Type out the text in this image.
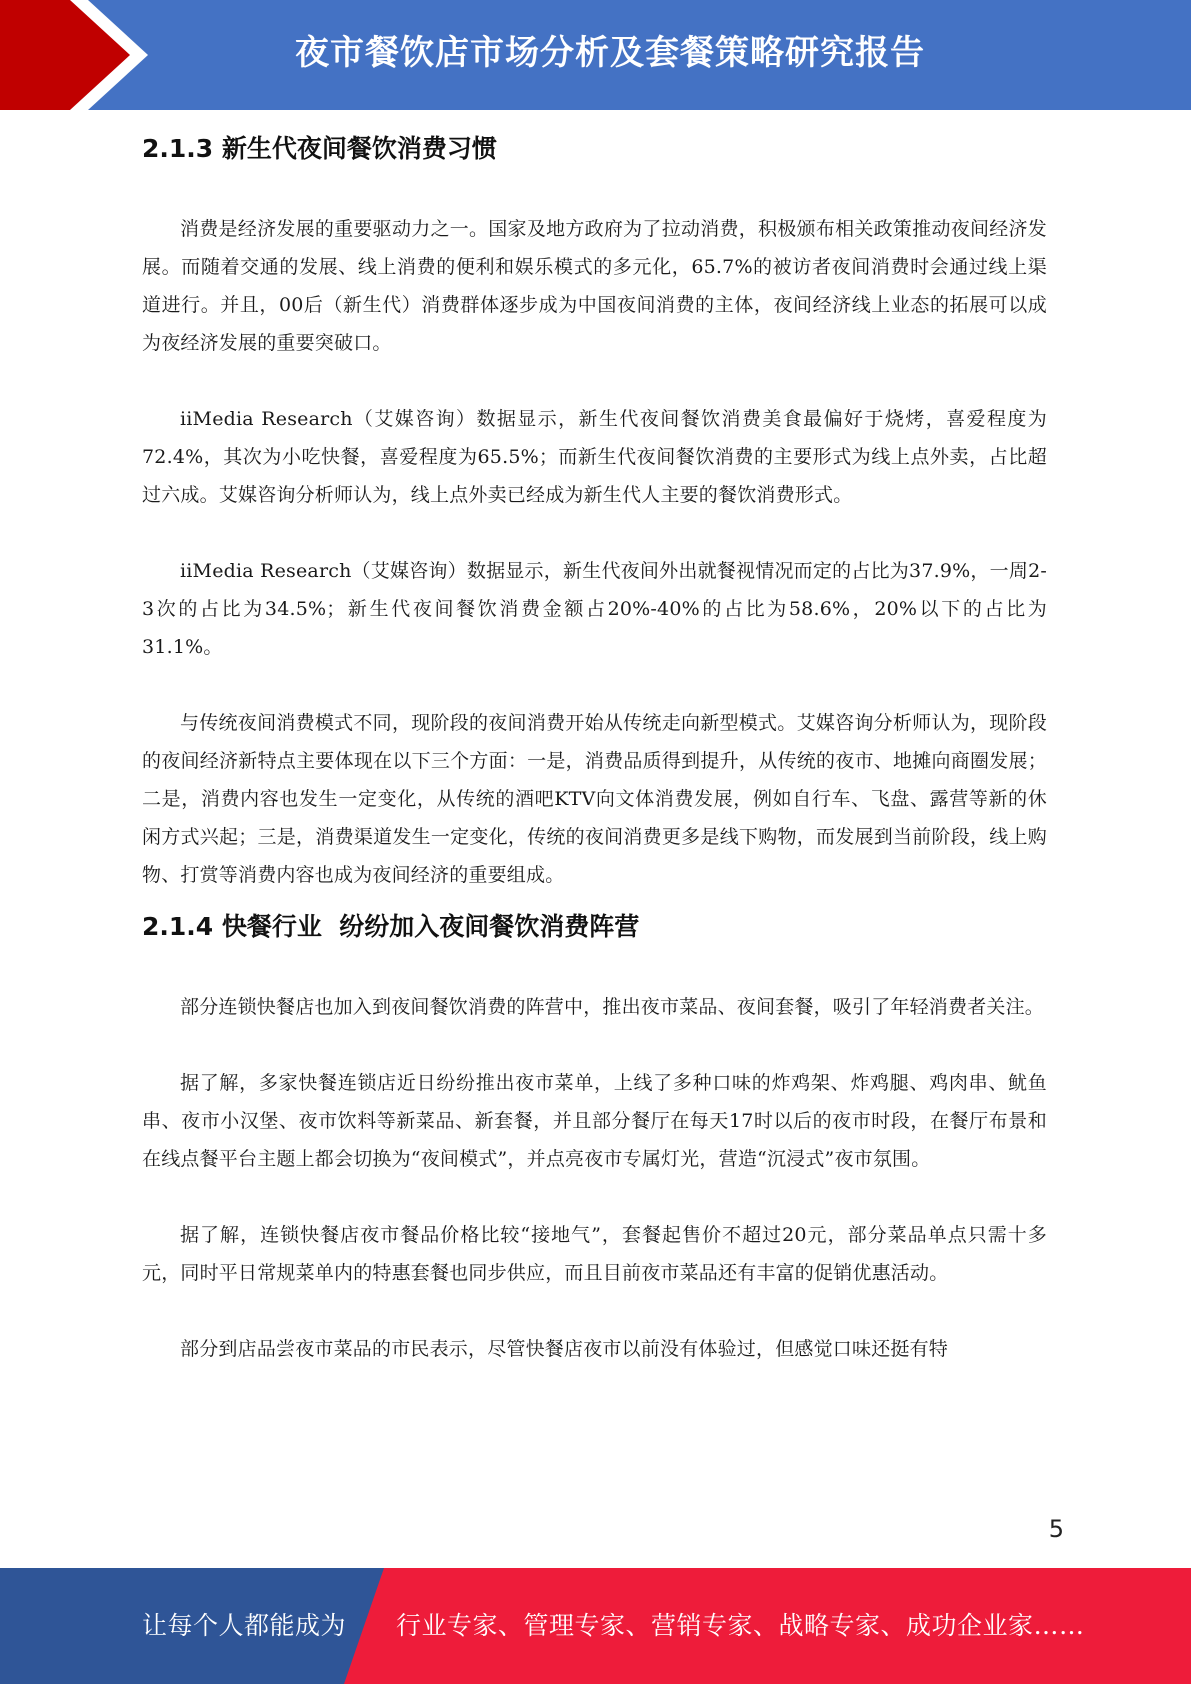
夜市餐饮店市场分析及套餐策略研究报告
2.1.3 新生代夜间餐饮消费习惯

消费是经济发展的重要驱动力之一。国家及地方政府为了拉动消费，积极颁布相关政策推动夜间经济发展。而随着交通的发展、线上消费的便利和娱乐模式的多元化，65.7%的被访者夜间消费时会通过线上渠道进行。并且，00后（新生代）消费群体逐步成为中国夜间消费的主体，夜间经济线上业态的拓展可以成为夜经济发展的重要突破口。

iiMedia Research（艾媒咨询）数据显示，新生代夜间餐饮消费美食最偏好于烧烤，喜爱程度为72.4%，其次为小吃快餐，喜爱程度为65.5%；而新生代夜间餐饮消费的主要形式为线上点外卖，占比超过六成。艾媒咨询分析师认为，线上点外卖已经成为新生代人主要的餐饮消费形式。

iiMedia Research（艾媒咨询）数据显示，新生代夜间外出就餐视情况而定的占比为37.9%，一周2-3次的占比为34.5%；新生代夜间餐饮消费金额占20%-40%的占比为58.6%，20%以下的占比为31.1%。

与传统夜间消费模式不同，现阶段的夜间消费开始从传统走向新型模式。艾媒咨询分析师认为，现阶段的夜间经济新特点主要体现在以下三个方面：一是，消费品质得到提升，从传统的夜市、地摊向商圈发展；二是，消费内容也发生一定变化，从传统的酒吧KTV向文体消费发展，例如自行车、飞盘、露营等新的休闲方式兴起；三是，消费渠道发生一定变化，传统的夜间消费更多是线下购物，而发展到当前阶段，线上购物、打赏等消费内容也成为夜间经济的重要组成。

2.1.4 快餐行业  纷纷加入夜间餐饮消费阵营

部分连锁快餐店也加入到夜间餐饮消费的阵营中，推出夜市菜品、夜间套餐，吸引了年轻消费者关注。

据了解，多家快餐连锁店近日纷纷推出夜市菜单，上线了多种口味的炸鸡架、炸鸡腿、鸡肉串、鱿鱼串、夜市小汉堡、夜市饮料等新菜品、新套餐，并且部分餐厅在每天17时以后的夜市时段，在餐厅布景和在线点餐平台主题上都会切换为“夜间模式”，并点亮夜市专属灯光，营造“沉浸式”夜市氛围。

据了解，连锁快餐店夜市餐品价格比较“接地气”，套餐起售价不超过20元，部分菜品单点只需十多元，同时平日常规菜单内的特惠套餐也同步供应，而且目前夜市菜品还有丰富的促销优惠活动。

部分到店品尝夜市菜品的市民表示，尽管快餐店夜市以前没有体验过，但感觉口味还挺有特

5
让每个人都能成为 行业专家、管理专家、营销专家、战略专家、成功企业家……
